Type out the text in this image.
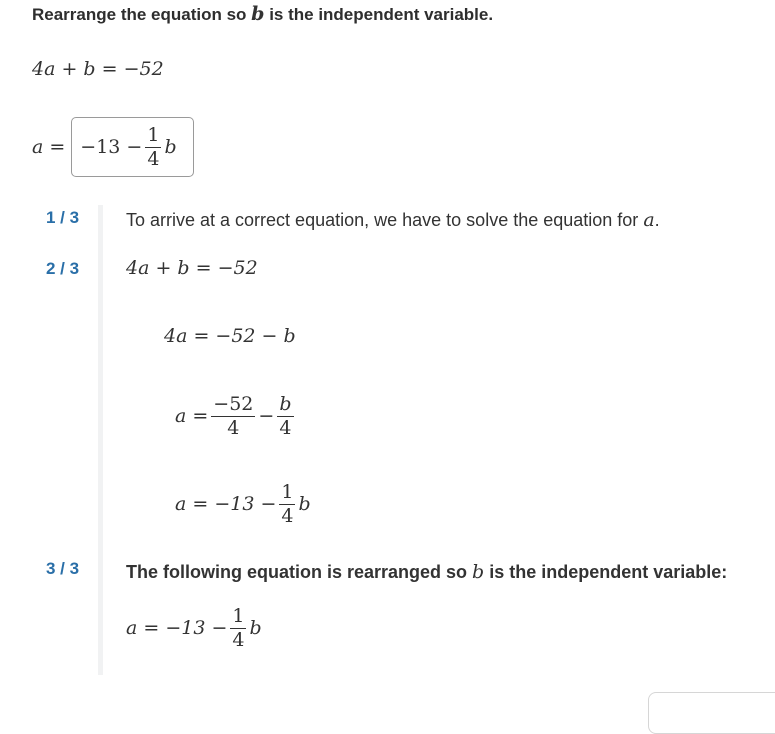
Rearrange the equation so b is the independent variable.
4a + b = −52
$a = -13 - \frac{1}{4}$ b
1 / 3	To arrive at a correct equation, we have to solve the equation for a.
2 / 3 4a + b = −52
4a = −52 − b
$a = \frac{-52}{4} - \frac{b}{4}$
$a = -13 - \frac{1}{4}$ b
3 / 3	The following equation is rearranged so b is the independent variable:
$a = -13 - \frac{1}{4}$ b
